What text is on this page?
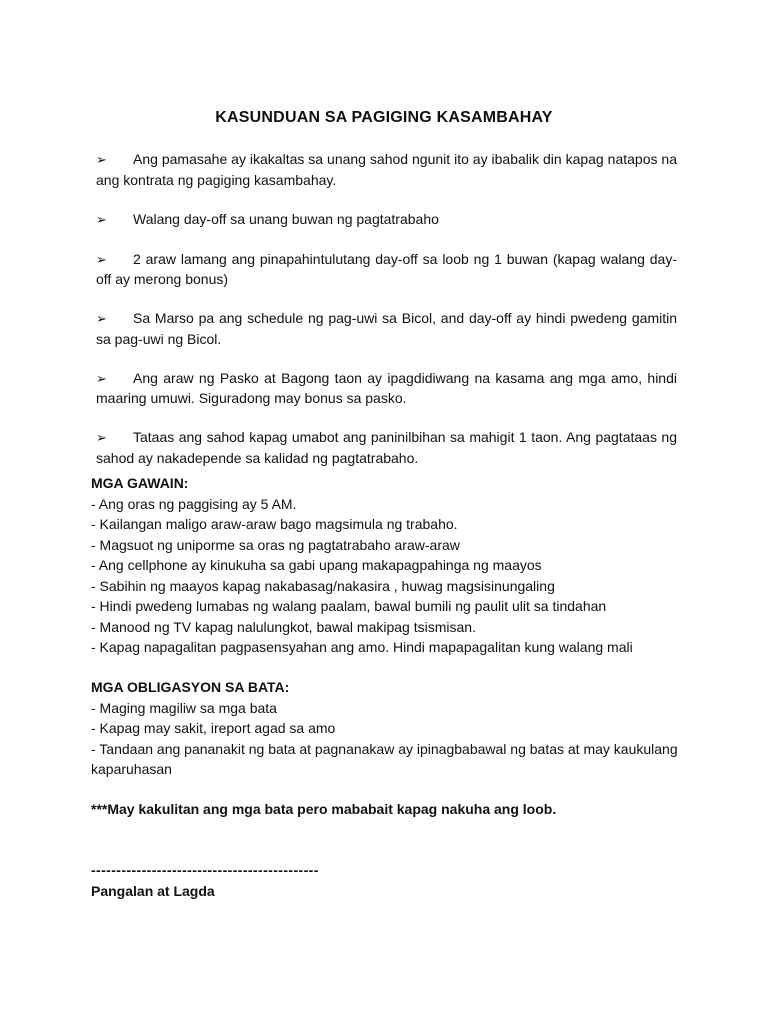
KASUNDUAN SA PAGIGING KASAMBAHAY
➢ Ang pamasahe ay ikakaltas sa unang sahod ngunit ito ay ibabalik din kapag natapos na ang kontrata ng pagiging kasambahay.
➢ Walang day-off sa unang buwan ng pagtatrabaho
➢ 2 araw lamang ang pinapahintulutang day-off sa loob ng 1 buwan (kapag walang day-off ay merong bonus)
➢ Sa Marso pa ang schedule ng pag-uwi sa Bicol, and day-off ay hindi pwedeng gamitin sa pag-uwi ng Bicol.
➢ Ang araw ng Pasko at Bagong taon ay ipagdidiwang na kasama ang mga amo, hindi maaring umuwi. Siguradong may bonus sa pasko.
➢ Tataas ang sahod kapag umabot ang paninilbihan sa mahigit 1 taon. Ang pagtataas ng sahod ay nakadepende sa kalidad ng pagtatrabaho.
MGA GAWAIN:
- Ang oras ng paggising ay 5 AM.
- Kailangan maligo araw-araw bago magsimula ng trabaho.
- Magsuot ng uniporme sa oras ng pagtatrabaho araw-araw
- Ang cellphone ay kinukuha sa gabi upang makapagpahinga ng maayos
- Sabihin ng maayos kapag nakabasag/nakasira , huwag magsisinungaling
- Hindi pwedeng lumabas ng walang paalam, bawal bumili ng paulit ulit sa tindahan
- Manood ng TV kapag nalulungkot, bawal makipag tsismisan.
- Kapag napagalitan pagpasensyahan ang amo. Hindi mapapagalitan kung walang mali
MGA OBLIGASYON SA BATA:
- Maging magiliw sa mga bata
- Kapag may sakit, ireport agad sa amo
- Tandaan ang pananakit ng bata at pagnanakaw ay ipinagbabawal ng batas at may kaukulang kaparuhasan
***May kakulitan ang mga bata pero mababait kapag nakuha ang loob.
---------------------------------------------
Pangalan at Lagda
